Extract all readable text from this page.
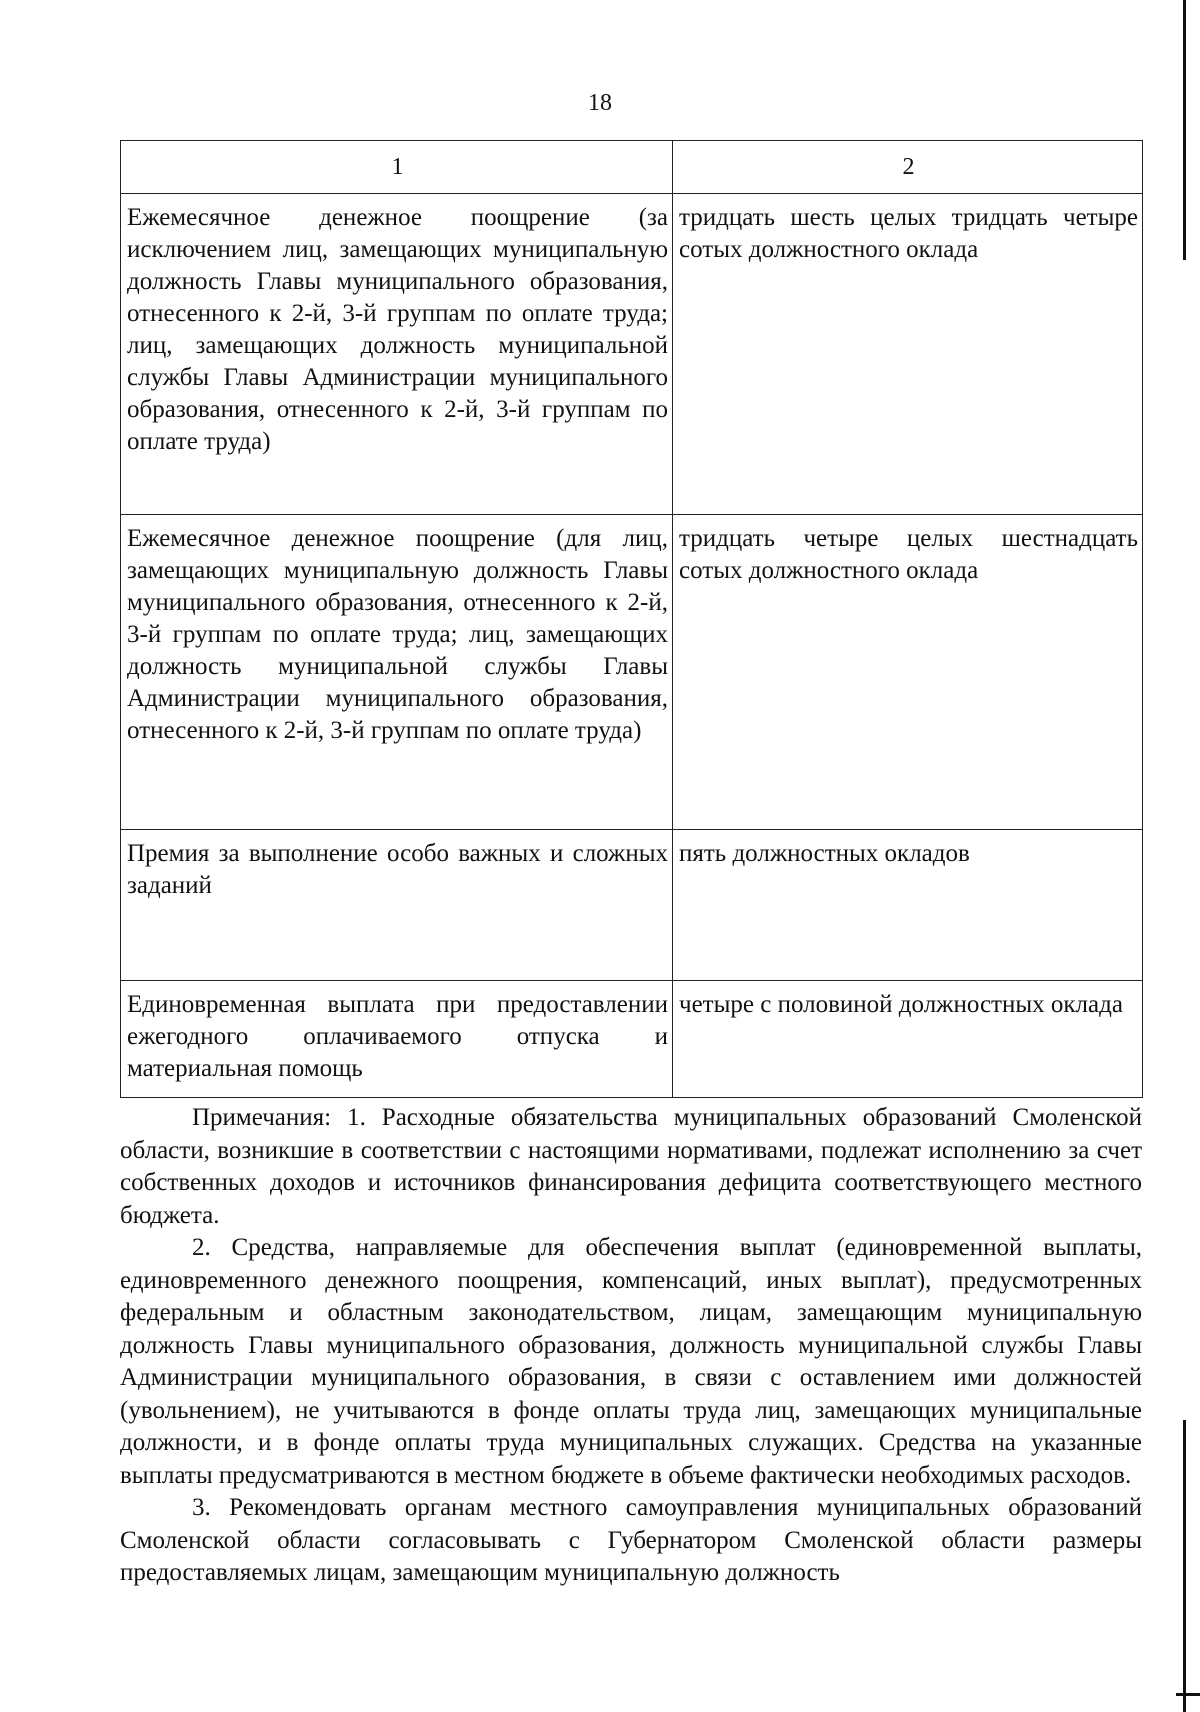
18
1	2
Ежемесячное денежное поощрение (за исключением лиц, замещающих муниципальную должность Главы муниципального образования, отнесенного к 2-й, 3-й группам по оплате труда; лиц, замещающих должность муниципальной службы Главы Администрации муниципального образования, отнесенного к 2-й, 3-й группам по оплате труда)	тридцать шесть целых тридцать четыре сотых должностного оклада
Ежемесячное денежное поощрение (для лиц, замещающих муниципальную должность Главы муниципального образования, отнесенного к 2-й, 3-й группам по оплате труда; лиц, замещающих должность муниципальной службы Главы Администрации муниципального образования, отнесенного к 2-й, 3-й группам по оплате труда)	тридцать четыре целых шестнадцать сотых должностного оклада
Премия за выполнение особо важных и сложных заданий	пять должностных окладов
Единовременная выплата при предоставлении ежегодного оплачиваемого отпуска и материальная помощь	четыре с половиной должностных оклада

Примечания: 1. Расходные обязательства муниципальных образований Смоленской области, возникшие в соответствии с настоящими нормативами, подлежат исполнению за счет собственных доходов и источников финансирования дефицита соответствующего местного бюджета.

2. Средства, направляемые для обеспечения выплат (единовременной выплаты, единовременного денежного поощрения, компенсаций, иных выплат), предусмотренных федеральным и областным законодательством, лицам, замещающим муниципальную должность Главы муниципального образования, должность муниципальной службы Главы Администрации муниципального образования, в связи с оставлением ими должностей (увольнением), не учитываются в фонде оплаты труда лиц, замещающих муниципальные должности, и в фонде оплаты труда муниципальных служащих. Средства на указанные выплаты предусматриваются в местном бюджете в объеме фактически необходимых расходов.

3. Рекомендовать органам местного самоуправления муниципальных образований Смоленской области согласовывать с Губернатором Смоленской области размеры предоставляемых лицам, замещающим муниципальную должность
